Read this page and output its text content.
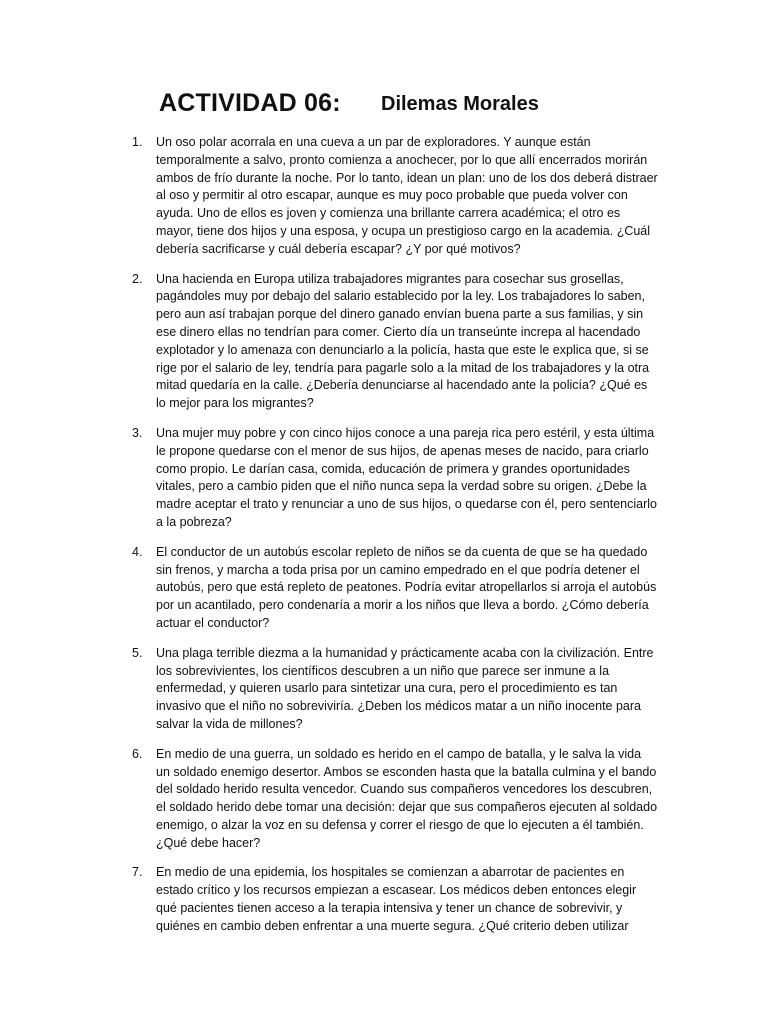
ACTIVIDAD 06: Dilemas Morales
1.	Un oso polar acorrala en una cueva a un par de exploradores. Y aunque están temporalmente a salvo, pronto comienza a anochecer, por lo que allí encerrados morirán ambos de frío durante la noche. Por lo tanto, idean un plan: uno de los dos deberá distraer al oso y permitir al otro escapar, aunque es muy poco probable que pueda volver con ayuda. Uno de ellos es joven y comienza una brillante carrera académica; el otro es mayor, tiene dos hijos y una esposa, y ocupa un prestigioso cargo en la academia. ¿Cuál debería sacrificarse y cuál debería escapar? ¿Y por qué motivos?
2.	Una hacienda en Europa utiliza trabajadores migrantes para cosechar sus grosellas, pagándoles muy por debajo del salario establecido por la ley. Los trabajadores lo saben, pero aun así trabajan porque del dinero ganado envían buena parte a sus familias, y sin ese dinero ellas no tendrían para comer. Cierto día un transeúnte increpa al hacendado explotador y lo amenaza con denunciarlo a la policía, hasta que este le explica que, si se rige por el salario de ley, tendría para pagarle solo a la mitad de los trabajadores y la otra mitad quedaría en la calle. ¿Debería denunciarse al hacendado ante la policía? ¿Qué es lo mejor para los migrantes?
3.	Una mujer muy pobre y con cinco hijos conoce a una pareja rica pero estéril, y esta última le propone quedarse con el menor de sus hijos, de apenas meses de nacido, para criarlo como propio. Le darían casa, comida, educación de primera y grandes oportunidades vitales, pero a cambio piden que el niño nunca sepa la verdad sobre su origen. ¿Debe la madre aceptar el trato y renunciar a uno de sus hijos, o quedarse con él, pero sentenciarlo a la pobreza?
4.	El conductor de un autobús escolar repleto de niños se da cuenta de que se ha quedado sin frenos, y marcha a toda prisa por un camino empedrado en el que podría detener el autobús, pero que está repleto de peatones. Podría evitar atropellarlos si arroja el autobús por un acantilado, pero condenaría a morir a los niños que lleva a bordo. ¿Cómo debería actuar el conductor?
5.	Una plaga terrible diezma a la humanidad y prácticamente acaba con la civilización. Entre los sobrevivientes, los científicos descubren a un niño que parece ser inmune a la enfermedad, y quieren usarlo para sintetizar una cura, pero el procedimiento es tan invasivo que el niño no sobreviviría. ¿Deben los médicos matar a un niño inocente para salvar la vida de millones?
6.	En medio de una guerra, un soldado es herido en el campo de batalla, y le salva la vida un soldado enemigo desertor. Ambos se esconden hasta que la batalla culmina y el bando del soldado herido resulta vencedor. Cuando sus compañeros vencedores los descubren, el soldado herido debe tomar una decisión: dejar que sus compañeros ejecuten al soldado enemigo, o alzar la voz en su defensa y correr el riesgo de que lo ejecuten a él también. ¿Qué debe hacer?
7.	En medio de una epidemia, los hospitales se comienzan a abarrotar de pacientes en estado crítico y los recursos empiezan a escasear. Los médicos deben entonces elegir qué pacientes tienen acceso a la terapia intensiva y tener un chance de sobrevivir, y quiénes en cambio deben enfrentar a una muerte segura. ¿Qué criterio deben utilizar
